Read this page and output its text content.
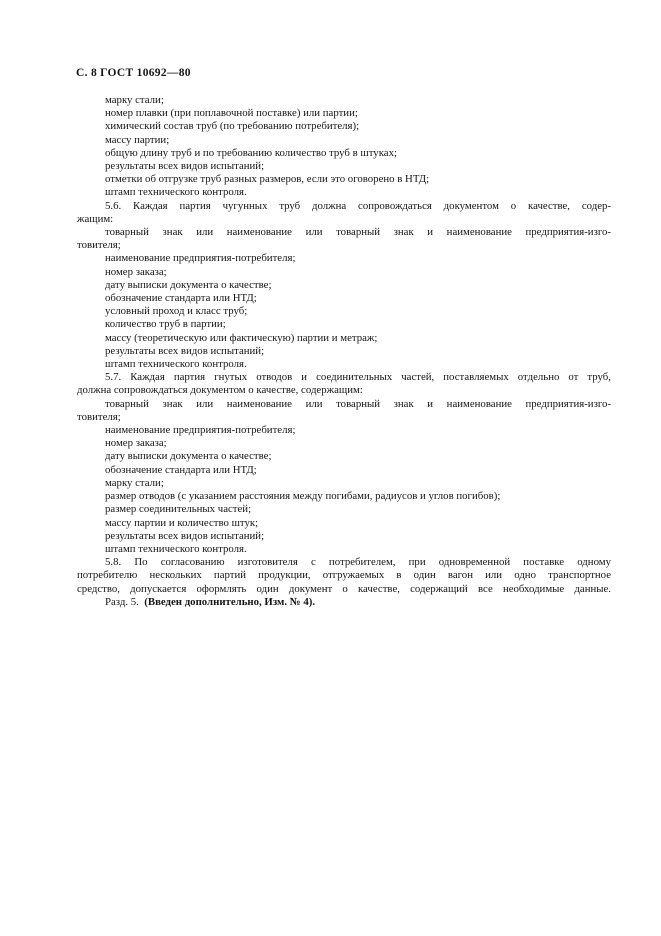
С. 8 ГОСТ 10692—80
марку стали;
номер плавки (при поплавочной поставке) или партии;
химический состав труб (по требованию потребителя);
массу партии;
общую длину труб и по требованию количество труб в штуках;
результаты всех видов испытаний;
отметки об отгрузке труб разных размеров, если это оговорено в НТД;
штамп технического контроля.
5.6. Каждая партия чугунных труб должна сопровождаться документом о качестве, содер-
жащим:
товарный знак или наименование или товарный знак и наименование предприятия-изго-
товителя;
наименование предприятия-потребителя;
номер заказа;
дату выписки документа о качестве;
обозначение стандарта или НТД;
условный проход и класс труб;
количество труб в партии;
массу (теоретическую или фактическую) партии и метраж;
результаты всех видов испытаний;
штамп технического контроля.
5.7. Каждая партия гнутых отводов и соединительных частей, поставляемых отдельно от труб,
должна сопровождаться документом о качестве, содержащим:
товарный знак или наименование или товарный знак и наименование предприятия-изго-
товителя;
наименование предприятия-потребителя;
номер заказа;
дату выписки документа о качестве;
обозначение стандарта или НТД;
марку стали;
размер отводов (с указанием расстояния между погибами, радиусов и углов погибов);
размер соединительных частей;
массу партии и количество штук;
результаты всех видов испытаний;
штамп технического контроля.
5.8. По согласованию изготовителя с потребителем, при одновременной поставке одному
потребителю нескольких партий продукции, отгружаемых в один вагон или одно транспортное
средство, допускается оформлять один документ о качестве, содержащий все необходимые данные.
Разд. 5. (Введен дополнительно, Изм. № 4).
